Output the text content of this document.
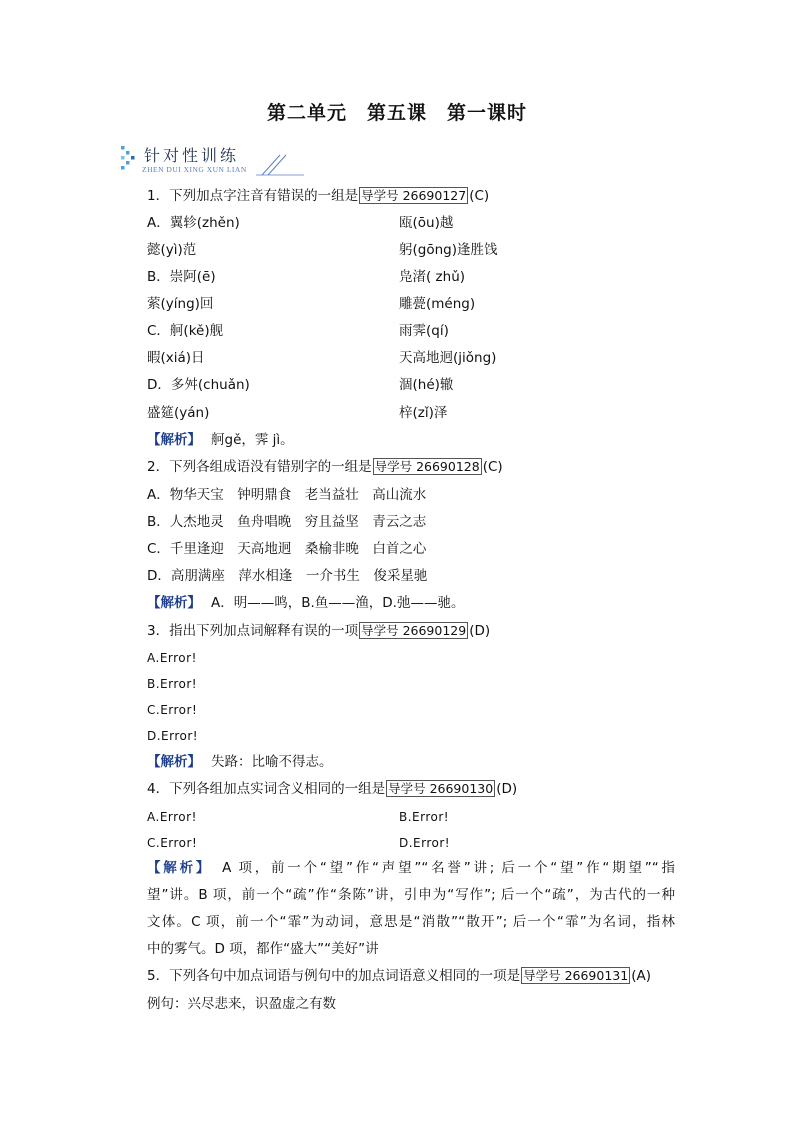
第二单元　第五课　第一课时
针对性训练
ZHEN DUI XING XUN LIAN
1．下列加点字注音有错误的一组是 导学号 26690127 (C)
A．翼轸(zhěn)	瓯(ōu)越
懿(yì)范	躬(gōng)逢胜饯
B．崇阿(ē)	凫渚( zhǔ)
萦(yíng)回	雕甍(méng)
C．舸(kě)舰	雨霁(qí)
暇(xiá)日	天高地迥(jiǒng)
D．多舛(chuǎn)	涸(hé)辙
盛筵(yán)	梓(zǐ)泽
【解析】 舸gě，霁 jì。
2．下列各组成语没有错别字的一组是 导学号 26690128 (C)
A．物华天宝　钟明鼎食　老当益壮　高山流水
B．人杰地灵　鱼舟唱晚　穷且益坚　青云之志
C．千里逢迎　天高地迥　桑榆非晚　白首之心
D．高朋满座　萍水相逢　一介书生　俊采星驰
【解析】 A．明——鸣，B.鱼——渔，D.弛——驰。
3．指出下列加点词解释有误的一项 导学号 26690129 (D)
A.Error!
B.Error!
C.Error!
D.Error!
【解析】 失路：比喻不得志。
4．下列各组加点实词含义相同的一组是 导学号 26690130 (D)
A.Error!	B.Error!
C.Error!	D.Error!
【解析】 A 项，前一个“望”作“声望”“名誉”讲; 后一个“望”作“期望”“指
望”讲。B 项，前一个“疏”作“条陈”讲，引申为“写作”; 后一个“疏”，为古代的一种
文体。C 项，前一个“霏”为动词，意思是“消散”“散开”; 后一个“霏”为名词，指林
中的雾气。D 项，都作“盛大”“美好”讲
5．下列各句中加点词语与例句中的加点词语意义相同的一项是 导学号 26690131 (A)
例句：兴尽悲来，识盈虚之有数
